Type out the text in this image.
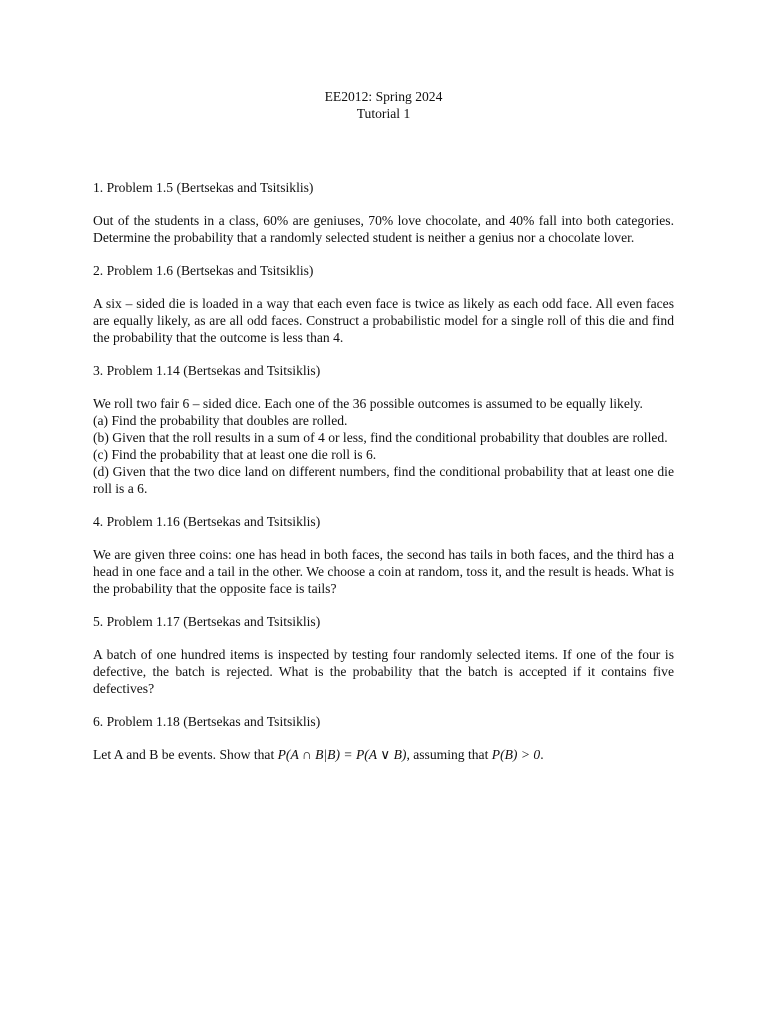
EE2012: Spring 2024
Tutorial 1

1. Problem 1.5 (Bertsekas and Tsitsiklis)

Out of the students in a class, 60% are geniuses, 70% love chocolate, and 40% fall into both categories. Determine the probability that a randomly selected student is neither a genius nor a chocolate lover.

2. Problem 1.6 (Bertsekas and Tsitsiklis)

A six – sided die is loaded in a way that each even face is twice as likely as each odd face. All even faces are equally likely, as are all odd faces. Construct a probabilistic model for a single roll of this die and find the probability that the outcome is less than 4.

3. Problem 1.14 (Bertsekas and Tsitsiklis)

We roll two fair 6 – sided dice. Each one of the 36 possible outcomes is assumed to be equally likely.

(a) Find the probability that doubles are rolled.

(b) Given that the roll results in a sum of 4 or less, find the conditional probability that doubles are rolled.

(c) Find the probability that at least one die roll is 6.

(d) Given that the two dice land on different numbers, find the conditional probability that at least one die roll is a 6.

4. Problem 1.16 (Bertsekas and Tsitsiklis)

We are given three coins: one has head in both faces, the second has tails in both faces, and the third has a head in one face and a tail in the other. We choose a coin at random, toss it, and the result is heads. What is the probability that the opposite face is tails?

5. Problem 1.17 (Bertsekas and Tsitsiklis)

A batch of one hundred items is inspected by testing four randomly selected items. If one of the four is defective, the batch is rejected. What is the probability that the batch is accepted if it contains five defectives?

6. Problem 1.18 (Bertsekas and Tsitsiklis)

Let A and B be events. Show that P(A ∩ B|B) = P(A ∨ B), assuming that P(B) > 0.
